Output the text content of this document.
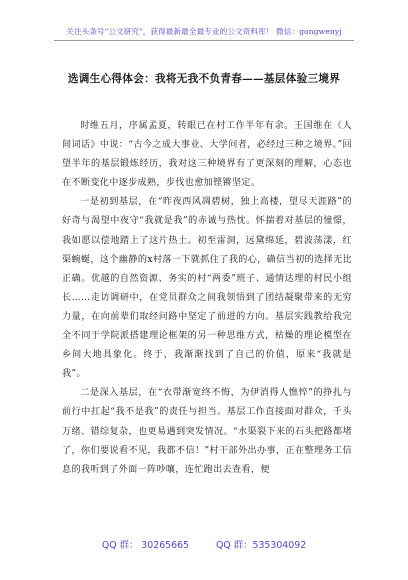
关注头条号"公文研究"，获得最新最全最专业的公文资料库！ 微信：gongwenyj
选调生心得体会：我将无我不负青春——基层体验三境界

时维五月，序属孟夏，转眼已在村工作半年有余。王国维在《人间词话》中说：“古今之成大事业、大学问者，必经过三种之境界。”回望半年的基层锻炼经历，我对这三种境界有了更深刻的理解，心态也在不断变化中逐步成熟，步伐也愈加铿锵坚定。

一是初到基层，在“昨夜西风凋碧树，独上高楼，望尽天涯路”的好奇与渴望中夜守“我就是我”的赤诚与热忱。怀揣着对基层的憧憬，我如愿以偿地踏上了这片热土。初至雷洞，远黛绵延，碧波荡漾，红渠蜿蜒，这个幽静的x村落一下就抓住了我的心，确信当初的选择无比正确。优越的自然资源、务实的村“两委”班子、通情达理的村民小组长……走访调研中，在党员群众之间我领悟到了团结凝聚带来的无穷力量，在向前辈们取经问路中坚定了前进的方向。基层实践教给我完全不同于学院派搭建理论框架的另一种思维方式，枯燥的理论模型在乡间大地具象化。终于，我渐渐找到了自己的价值，原来“我就是我”。

二是深入基层，在“衣带渐宽终不悔，为伊消得人憔悴”的挣扎与前行中扛起“我不是我”的责任与担当。基层工作直接面对群众，千头万绪、错综复杂，也更易遇到突发情况。“水渠裂下来的石头把路都堵了，你们要说看不见，我都不信！”村干部外出办事，正在整理务工信息的我听到了外面一阵吵嚷，连忙跑出去查看，便

QQ 群： 30265665	QQ 群：535304092
